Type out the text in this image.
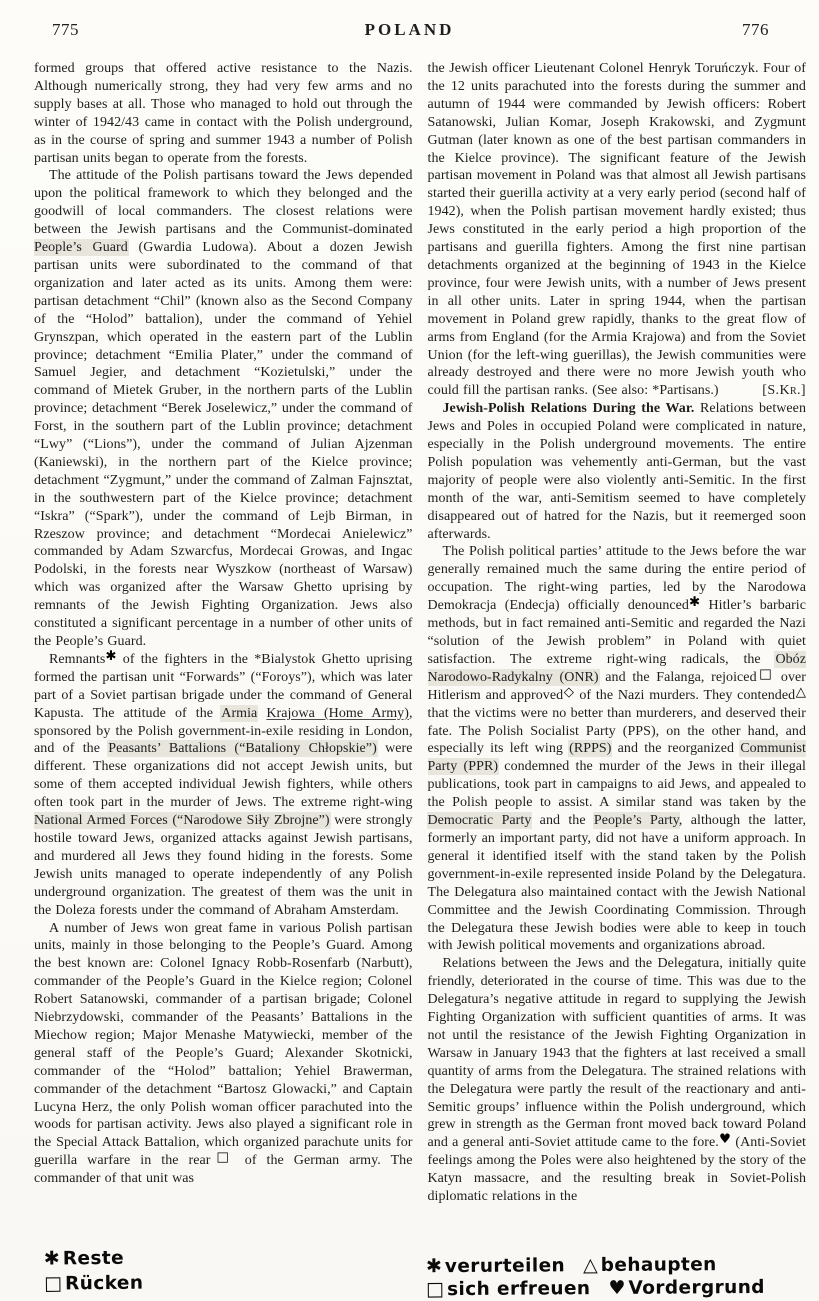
775	POLAND	776

formed groups that offered active resistance to the Nazis. Although numerically strong, they had very few arms and no supply bases at all. Those who managed to hold out through the winter of 1942/43 came in contact with the Polish underground, as in the course of spring and summer 1943 a number of Polish partisan units began to operate from the forests.

The attitude of the Polish partisans toward the Jews depended upon the political framework to which they belonged and the goodwill of local commanders. The closest relations were between the Jewish partisans and the Communist-dominated People’s Guard (Gwardia Ludowa). About a dozen Jewish partisan units were subordinated to the command of that organization and later acted as its units. Among them were: partisan detachment “Chil” (known also as the Second Company of the “Holod” battalion), under the command of Yehiel Grynszpan, which operated in the eastern part of the Lublin province; detachment “Emilia Plater,” under the command of Samuel Jegier, and detachment “Kozietulski,” under the command of Mietek Gruber, in the northern parts of the Lublin province; detachment “Berek Joselewicz,” under the command of Forst, in the southern part of the Lublin province; detachment “Lwy” (“Lions”), under the command of Julian Ajzenman (Kaniewski), in the northern part of the Kielce province; detachment “Zygmunt,” under the command of Zalman Fajnsztat, in the southwestern part of the Kielce province; detachment “Iskra” (“Spark”), under the command of Lejb Birman, in Rzeszow province; and detachment “Mordecai Anielewicz” commanded by Adam Szwarcfus, Mordecai Growas, and Ingac Podolski, in the forests near Wyszkow (northeast of Warsaw) which was organized after the Warsaw Ghetto uprising by remnants of the Jewish Fighting Organization. Jews also constituted a significant percentage in a number of other units of the People’s Guard.

Remnants✱ of the fighters in the *Bialystok Ghetto uprising formed the partisan unit “Forwards” (“Foroys”), which was later part of a Soviet partisan brigade under the command of General Kapusta. The attitude of the Armia Krajowa (Home Army), sponsored by the Polish government-in-exile residing in London, and of the Peasants’ Battalions (“Bataliony Chłopskie”) were different. These organizations did not accept Jewish units, but some of them accepted individual Jewish fighters, while others often took part in the murder of Jews. The extreme right-wing National Armed Forces (“Narodowe Siły Zbrojne”) were strongly hostile toward Jews, organized attacks against Jewish partisans, and murdered all Jews they found hiding in the forests. Some Jewish units managed to operate independently of any Polish underground organization. The greatest of them was the unit in the Doleza forests under the command of Abraham Amsterdam.

A number of Jews won great fame in various Polish partisan units, mainly in those belonging to the People’s Guard. Among the best known are: Colonel Ignacy Robb-Rosenfarb (Narbutt), commander of the People’s Guard in the Kielce region; Colonel Robert Satanowski, commander of a partisan brigade; Colonel Niebrzydowski, commander of the Peasants’ Battalions in the Miechow region; Major Menashe Matywiecki, member of the general staff of the People’s Guard; Alexander Skotnicki, commander of the “Holod” battalion; Yehiel Brawerman, commander of the detachment “Bartosz Glowacki,” and Captain Lucyna Herz, the only Polish woman officer parachuted into the woods for partisan activity. Jews also played a significant role in the Special Attack Battalion, which organized parachute units for guerilla warfare in the rear□ of the German army. The commander of that unit was

the Jewish officer Lieutenant Colonel Henryk Toruńczyk. Four of the 12 units parachuted into the forests during the summer and autumn of 1944 were commanded by Jewish officers: Robert Satanowski, Julian Komar, Joseph Krakowski, and Zygmunt Gutman (later known as one of the best partisan commanders in the Kielce province). The significant feature of the Jewish partisan movement in Poland was that almost all Jewish partisans started their guerilla activity at a very early period (second half of 1942), when the Polish partisan movement hardly existed; thus Jews constituted in the early period a high proportion of the partisans and guerilla fighters. Among the first nine partisan detachments organized at the beginning of 1943 in the Kielce province, four were Jewish units, with a number of Jews present in all other units. Later in spring 1944, when the partisan movement in Poland grew rapidly, thanks to the great flow of arms from England (for the Armia Krajowa) and from the Soviet Union (for the left-wing guerillas), the Jewish communities were already destroyed and there were no more Jewish youth who could fill the partisan ranks. (See also: *Partisans.)	[S.Kr.]

Jewish-Polish Relations During the War. Relations between Jews and Poles in occupied Poland were complicated in nature, especially in the Polish underground movements. The entire Polish population was vehemently anti-German, but the vast majority of people were also violently anti-Semitic. In the first month of the war, anti-Semitism seemed to have completely disappeared out of hatred for the Nazis, but it reemerged soon afterwards.

The Polish political parties’ attitude to the Jews before the war generally remained much the same during the entire period of occupation. The right-wing parties, led by the Narodowa Demokracja (Endecja) officially denounced✱ Hitler’s barbaric methods, but in fact remained anti-Semitic and regarded the Nazi “solution of the Jewish problem” in Poland with quiet satisfaction. The extreme right-wing radicals, the Obóz Narodowo-Radykalny (ONR) and the Falanga, rejoiced□ over Hitlerism and approved◇ of the Nazi murders. They contended△ that the victims were no better than murderers, and deserved their fate. The Polish Socialist Party (PPS), on the other hand, and especially its left wing (RPPS) and the reorganized Communist Party (PPR) condemned the murder of the Jews in their illegal publications, took part in campaigns to aid Jews, and appealed to the Polish people to assist. A similar stand was taken by the Democratic Party and the People’s Party, although the latter, formerly an important party, did not have a uniform approach. In general it identified itself with the stand taken by the Polish government-in-exile represented inside Poland by the Delegatura. The Delegatura also maintained contact with the Jewish National Committee and the Jewish Coordinating Commission. Through the Delegatura these Jewish bodies were able to keep in touch with Jewish political movements and organizations abroad.

Relations between the Jews and the Delegatura, initially quite friendly, deteriorated in the course of time. This was due to the Delegatura’s negative attitude in regard to supplying the Jewish Fighting Organization with sufficient quantities of arms. It was not until the resistance of the Jewish Fighting Organization in Warsaw in January 1943 that the fighters at last received a small quantity of arms from the Delegatura. The strained relations with the Delegatura were partly the result of the reactionary and anti-Semitic groups’ influence within the Polish underground, which grew in strength as the German front moved back toward Poland and a general anti-Soviet attitude came to the fore.♥ (Anti-Soviet feelings among the Poles were also heightened by the story of the Katyn massacre, and the resulting break in Soviet-Polish diplomatic relations in the

✱ Reste
□ Rücken
✱ verurteilen △ behaupten
□ sich erfreuen ♥ Vordergrund
